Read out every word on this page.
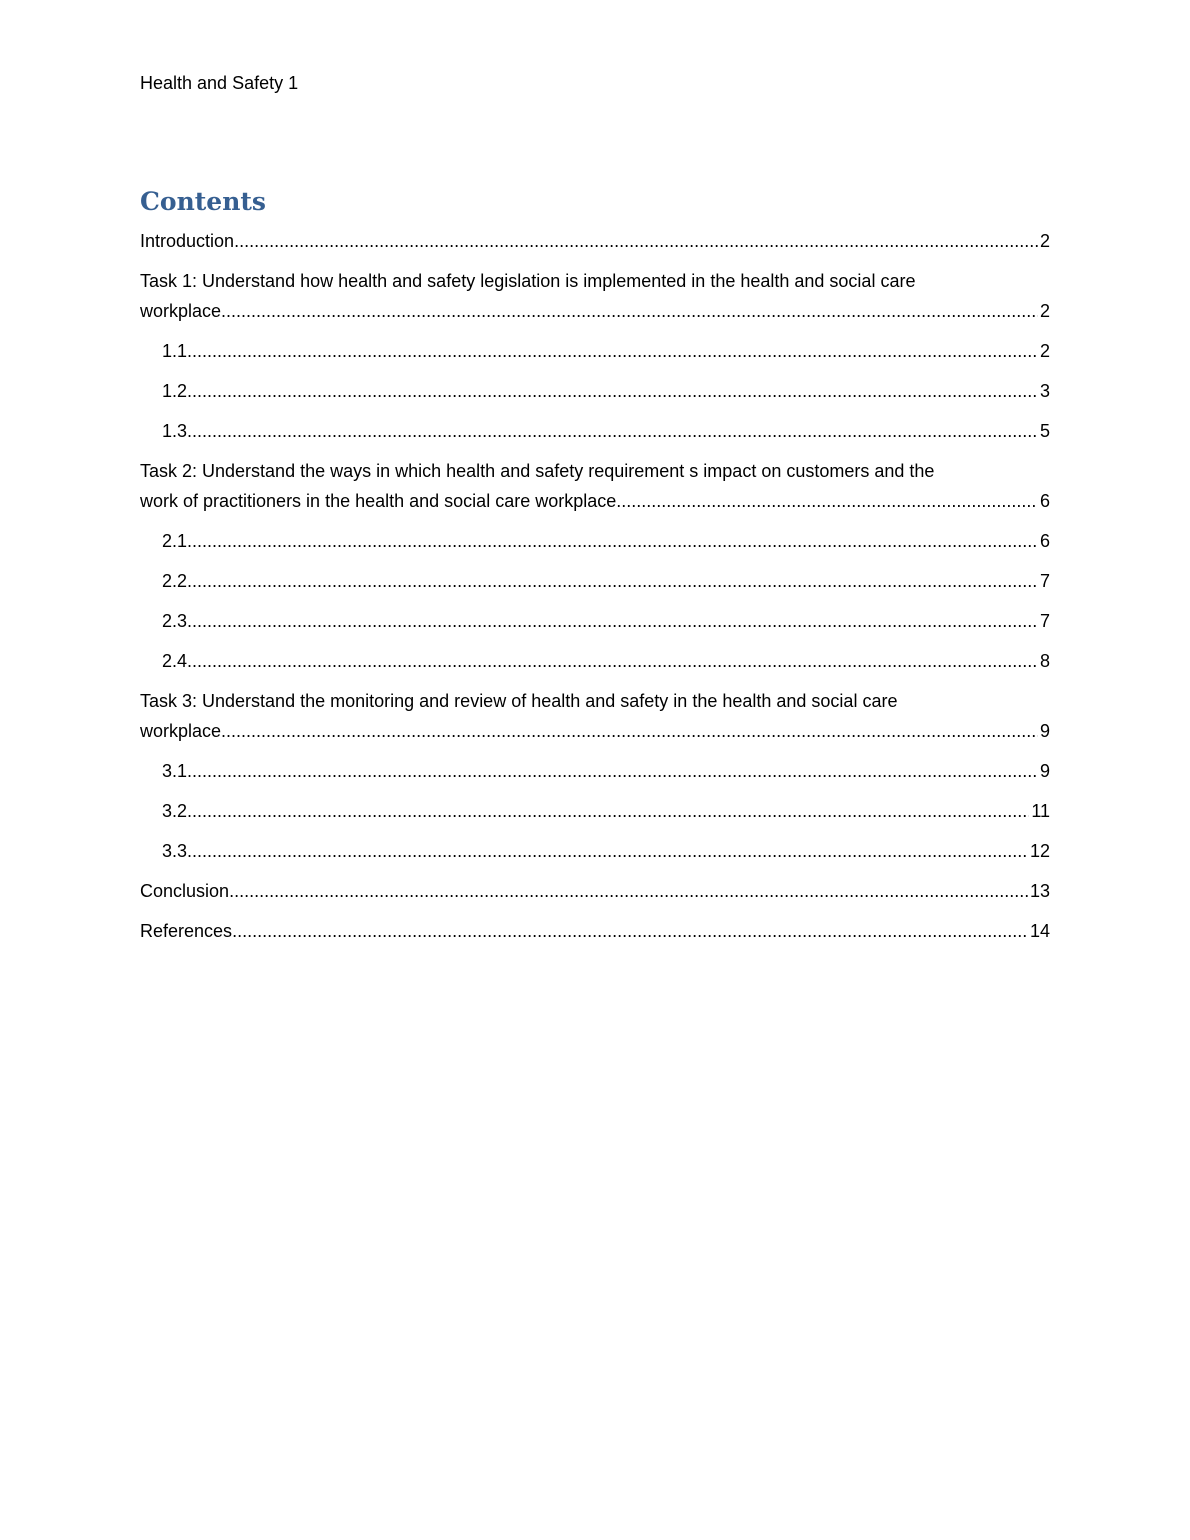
Health and Safety 1
Contents
Introduction .....	2
Task 1: Understand how health and safety legislation is implemented in the health and social care
workplace .....	2
1.1 .....	2
1.2 .....	3
1.3 .....	5
Task 2: Understand the ways in which health and safety requirement s impact on customers and the
work of practitioners in the health and social care workplace .....	6
2.1 .....	6
2.2 .....	7
2.3 .....	7
2.4 .....	8
Task 3: Understand the monitoring and review of health and safety in the health and social care
workplace .....	9
3.1 .....	9
3.2 .....	11
3.3 .....	12
Conclusion .....	13
References .....	14
